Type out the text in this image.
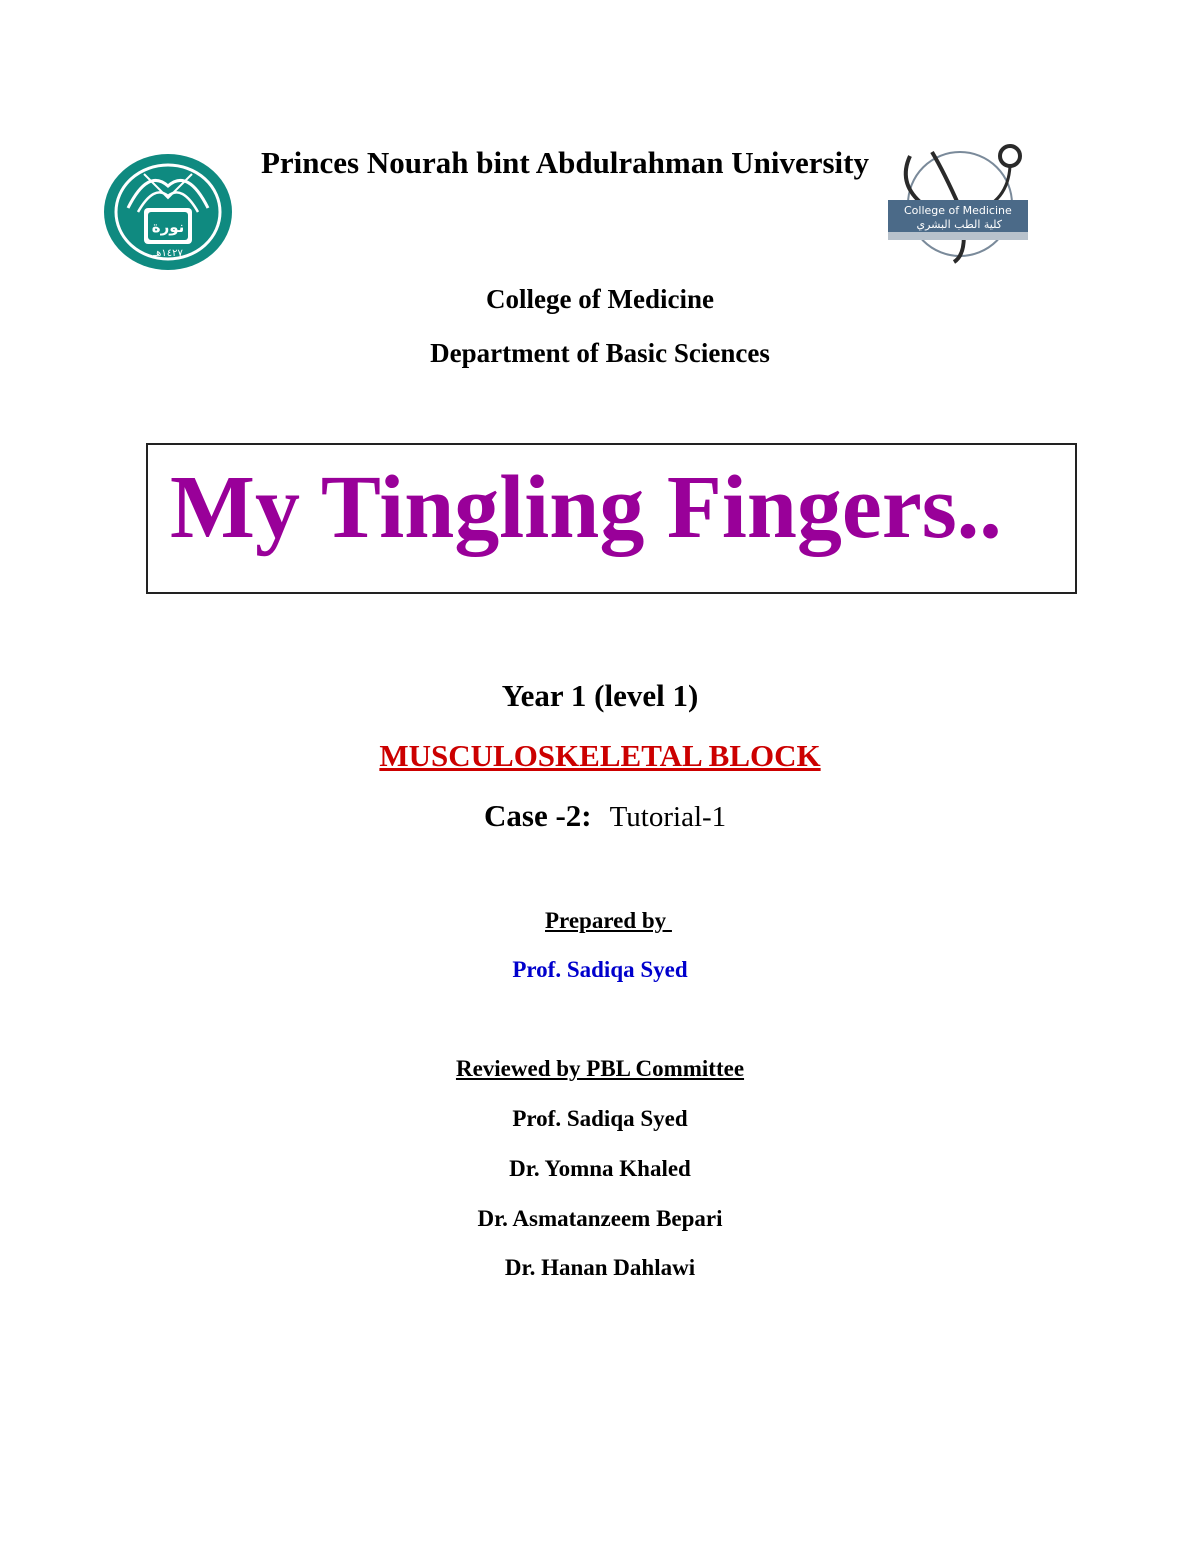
نورة
١٤٢٧هـ
Princes Nourah bint Abdulrahman University
College of Medicine
كلية الطب البشري
College of Medicine
Department of Basic Sciences
My Tingling Fingers..
Year 1 (level 1)
MUSCULOSKELETAL BLOCK
Case -2: Tutorial-1
Prepared by
Prof. Sadiqa Syed
Reviewed by PBL Committee
Prof. Sadiqa Syed
Dr. Yomna Khaled
Dr. Asmatanzeem Bepari
Dr. Hanan Dahlawi
